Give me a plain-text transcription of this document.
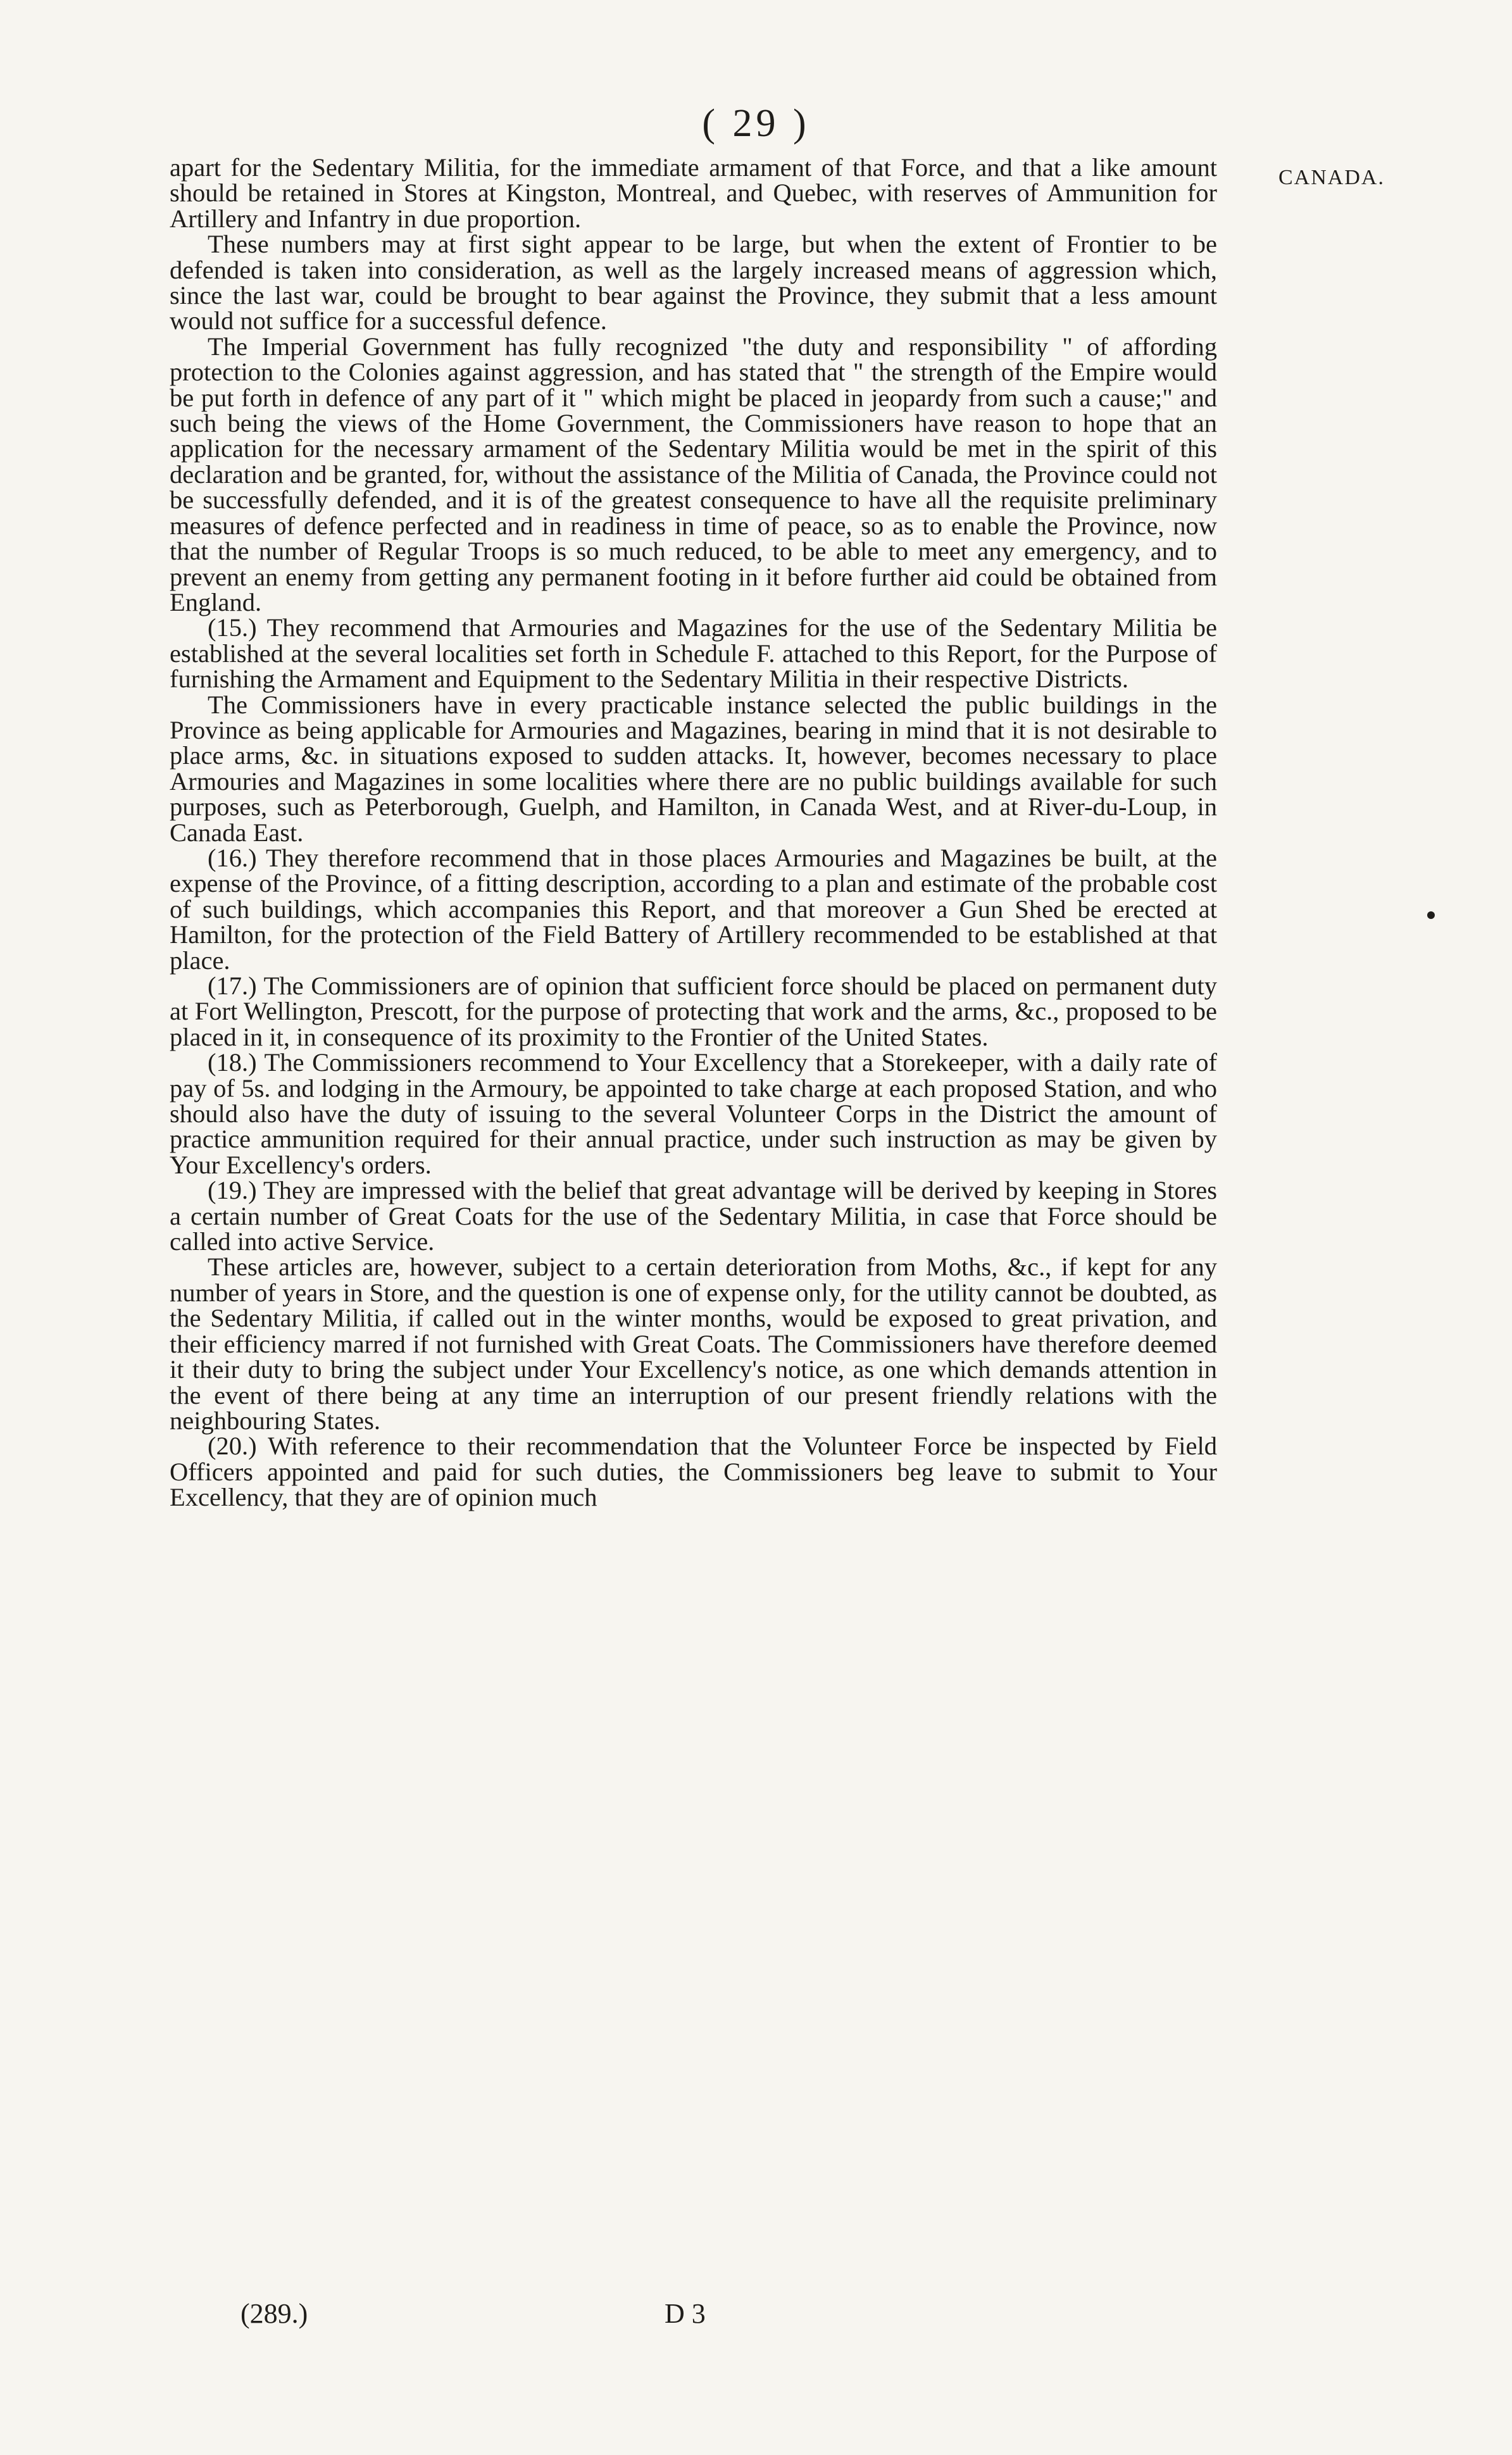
( 29 )
CANADA.

apart for the Sedentary Militia, for the immediate armament of that Force, and that a like amount should be retained in Stores at Kingston, Montreal, and Quebec, with reserves of Ammunition for Artillery and Infantry in due proportion.

These numbers may at first sight appear to be large, but when the extent of Frontier to be defended is taken into consideration, as well as the largely increased means of aggression which, since the last war, could be brought to bear against the Province, they submit that a less amount would not suffice for a successful defence.

The Imperial Government has fully recognized "the duty and responsibility " of affording protection to the Colonies against aggression, and has stated that " the strength of the Empire would be put forth in defence of any part of it " which might be placed in jeopardy from such a cause;" and such being the views of the Home Government, the Commissioners have reason to hope that an application for the necessary armament of the Sedentary Militia would be met in the spirit of this declaration and be granted, for, without the assistance of the Militia of Canada, the Province could not be successfully defended, and it is of the greatest consequence to have all the requisite preliminary measures of defence perfected and in readiness in time of peace, so as to enable the Province, now that the number of Regular Troops is so much reduced, to be able to meet any emergency, and to prevent an enemy from getting any permanent footing in it before further aid could be obtained from England.

(15.) They recommend that Armouries and Magazines for the use of the Sedentary Militia be established at the several localities set forth in Schedule F. attached to this Report, for the Purpose of furnishing the Armament and Equipment to the Sedentary Militia in their respective Districts.

The Commissioners have in every practicable instance selected the public buildings in the Province as being applicable for Armouries and Magazines, bearing in mind that it is not desirable to place arms, &c. in situations exposed to sudden attacks. It, however, becomes necessary to place Armouries and Magazines in some localities where there are no public buildings available for such purposes, such as Peterborough, Guelph, and Hamilton, in Canada West, and at River-du-Loup, in Canada East.

(16.) They therefore recommend that in those places Armouries and Magazines be built, at the expense of the Province, of a fitting description, according to a plan and estimate of the probable cost of such buildings, which accompanies this Report, and that moreover a Gun Shed be erected at Hamilton, for the protection of the Field Battery of Artillery recommended to be established at that place.

(17.) The Commissioners are of opinion that sufficient force should be placed on permanent duty at Fort Wellington, Prescott, for the purpose of protecting that work and the arms, &c., proposed to be placed in it, in consequence of its proximity to the Frontier of the United States.

(18.) The Commissioners recommend to Your Excellency that a Storekeeper, with a daily rate of pay of 5s. and lodging in the Armoury, be appointed to take charge at each proposed Station, and who should also have the duty of issuing to the several Volunteer Corps in the District the amount of practice ammunition required for their annual practice, under such instruction as may be given by Your Excellency's orders.

(19.) They are impressed with the belief that great advantage will be derived by keeping in Stores a certain number of Great Coats for the use of the Sedentary Militia, in case that Force should be called into active Service.

These articles are, however, subject to a certain deterioration from Moths, &c., if kept for any number of years in Store, and the question is one of expense only, for the utility cannot be doubted, as the Sedentary Militia, if called out in the winter months, would be exposed to great privation, and their efficiency marred if not furnished with Great Coats. The Commissioners have therefore deemed it their duty to bring the subject under Your Excellency's notice, as one which demands attention in the event of there being at any time an interruption of our present friendly relations with the neighbouring States.

(20.) With reference to their recommendation that the Volunteer Force be inspected by Field Officers appointed and paid for such duties, the Commissioners beg leave to submit to Your Excellency, that they are of opinion much

(289.)	D 3
